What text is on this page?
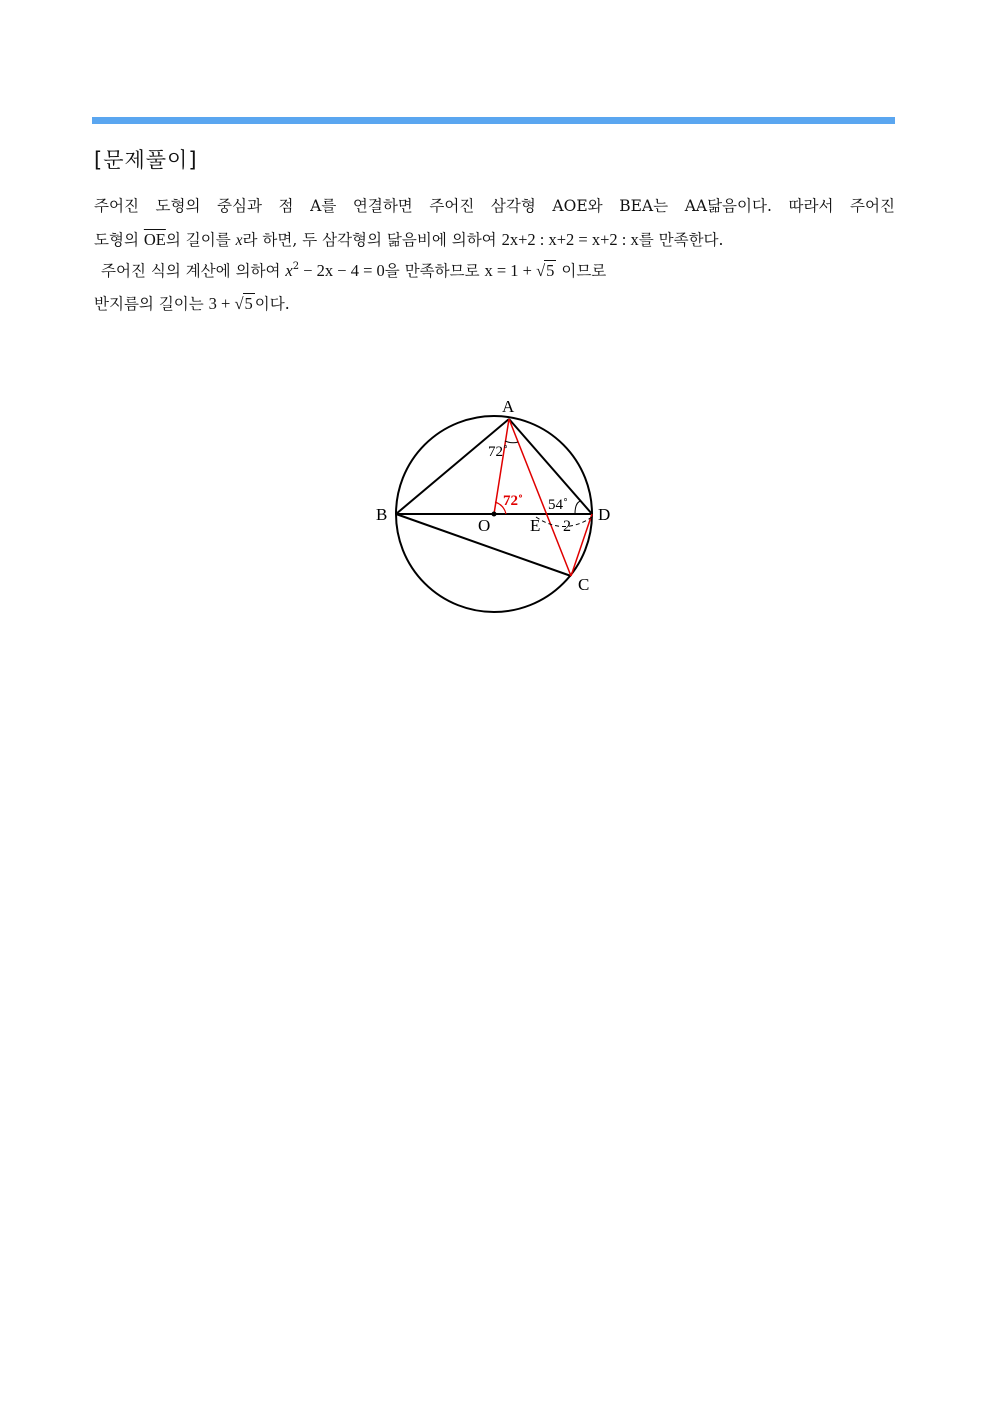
[문제풀이]
주어진 도형의 중심과 점 A를 연결하면 주어진 삼각형 AOE와 BEA는 AA닮음이다. 따라서 주어진
도형의 $\overline{OE}$의 길이를 x라 하면, 두 삼각형의 닮음비에 의하여 2x+2 : x+2 = x+2 : x를 만족한다.
주어진 식의 계산에 의하여 $x^2 - 2x - 4 = 0$을 만족하므로 x = 1 + √5 이므로
반지름의 길이는 3 + √5 이다.
A
B
C
D
O E
72˚
72˚ 54˚
2
